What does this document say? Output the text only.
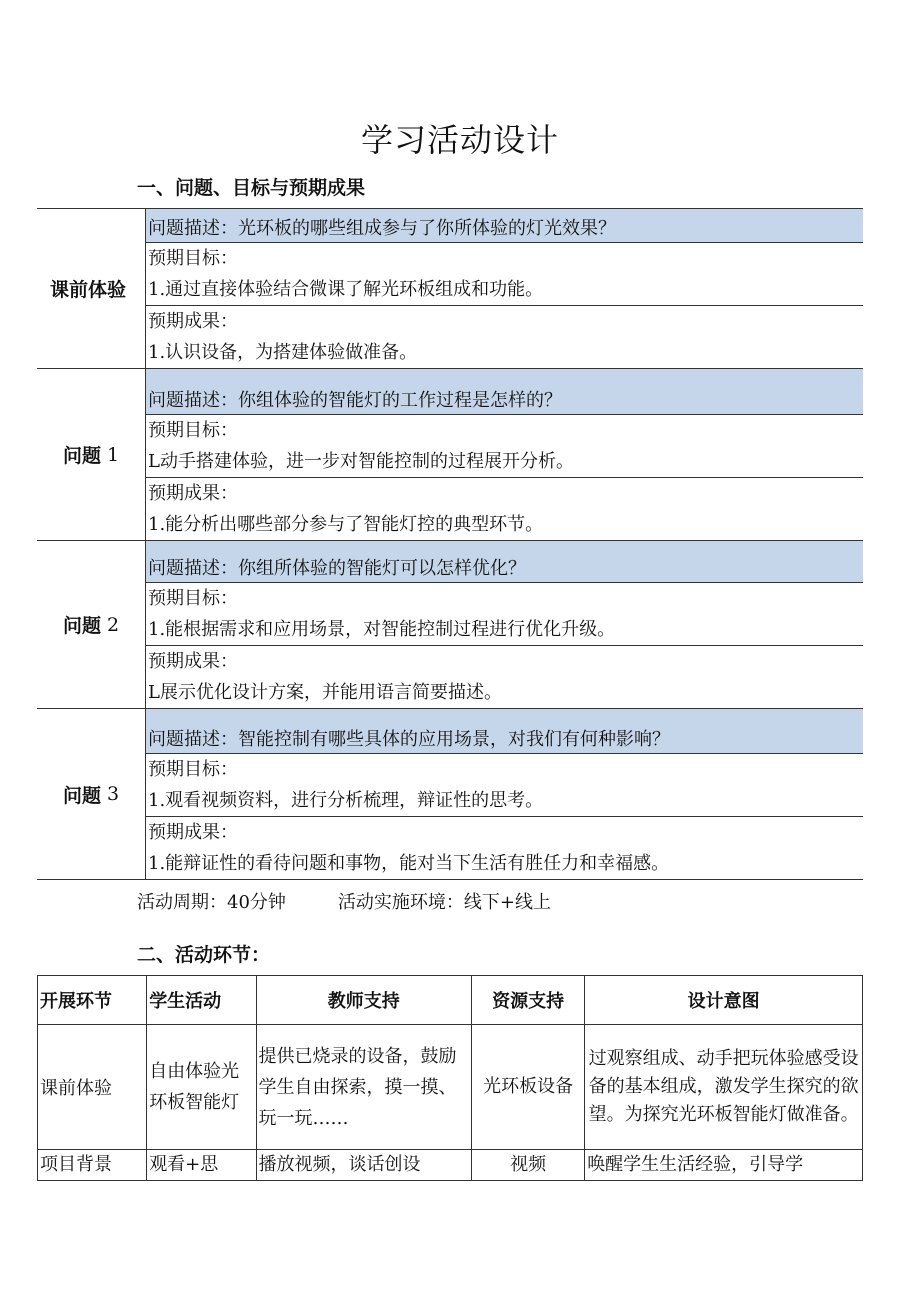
学习活动设计
一、问题、目标与预期成果
课前体验
问题描述：光环板的哪些组成参与了你所体验的灯光效果？
预期目标：
1.通过直接体验结合微课了解光环板组成和功能。
预期成果：
1.认识设备，为搭建体验做准备。
问题 1
问题描述：你组体验的智能灯的工作过程是怎样的？
预期目标：
L动手搭建体验，进一步对智能控制的过程展开分析。
预期成果：
1.能分析出哪些部分参与了智能灯控的典型环节。
问题 2
问题描述：你组所体验的智能灯可以怎样优化？
预期目标：
1.能根据需求和应用场景，对智能控制过程进行优化升级。
预期成果：
L展示优化设计方案，并能用语言简要描述。
问题 3
问题描述：智能控制有哪些具体的应用场景，对我们有何种影响？
预期目标：
1.观看视频资料，进行分析梳理，辩证性的思考。
预期成果：
1.能辩证性的看待问题和事物，能对当下生活有胜任力和幸福感。
活动周期：40分钟	活动实施环境：线下+线上
二、活动环节：
开展环节	学生活动	教师支持	资源支持	设计意图
课前体验	自由体验光环板智能灯	提供已烧录的设备，鼓励学生自由探索，摸一摸、玩一玩……	光环板设备	过观察组成、动手把玩体验感受设备的基本组成，激发学生探究的欲望。为探究光环板智能灯做准备。
项目背景	观看+思	播放视频，谈话创设	视频	唤醒学生生活经验，引导学
